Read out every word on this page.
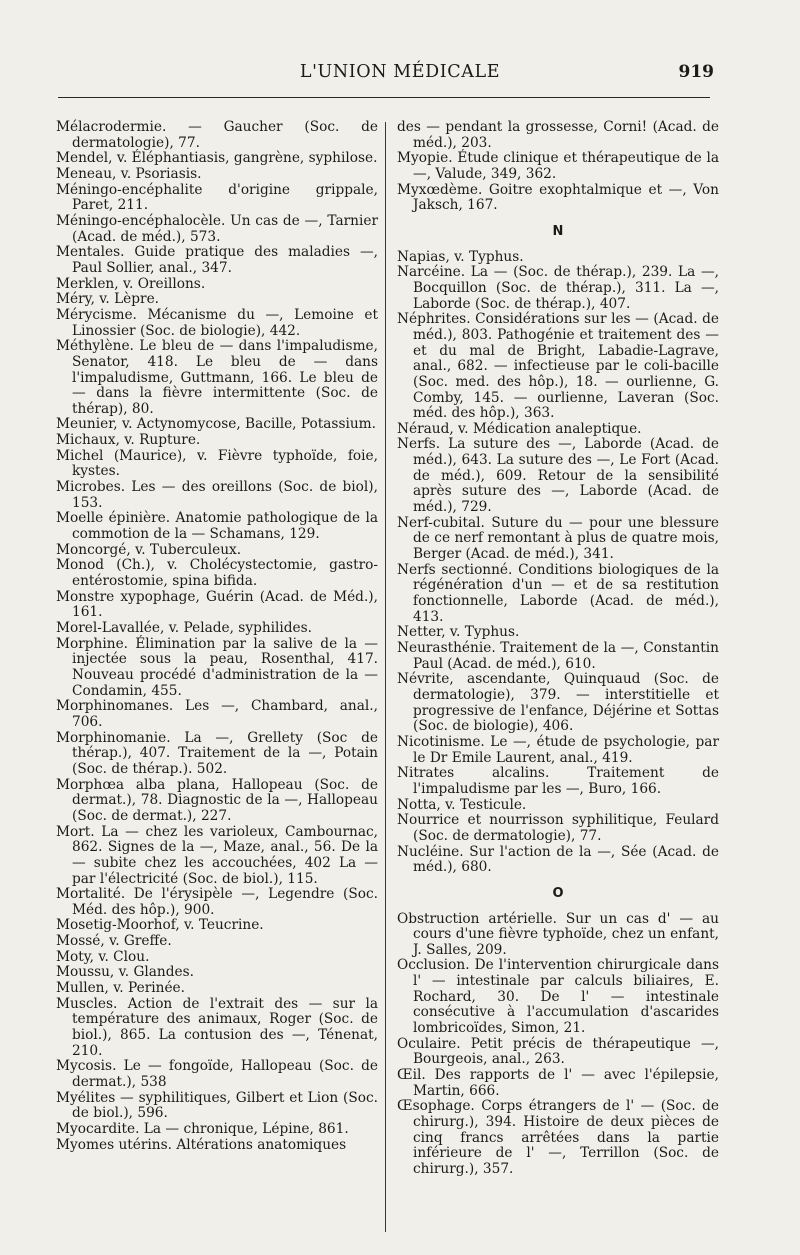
L'UNION MÉDICALE	919

Mélacrodermie. — Gaucher (Soc. de dermatologie), 77.

Mendel, v. Éléphantiasis, gangrène, syphilose.

Meneau, v. Psoriasis.

Méningo-encéphalite d'origine grippale, Paret, 211.

Méningo-encéphalocèle. Un cas de —, Tarnier (Acad. de méd.), 573.

Mentales. Guide pratique des maladies —, Paul Sollier, anal., 347.

Merklen, v. Oreillons.

Méry, v. Lèpre.

Mérycisme. Mécanisme du —, Lemoine et Linossier (Soc. de biologie), 442.

Méthylène. Le bleu de — dans l'impaludisme, Senator, 418. Le bleu de — dans l'impaludisme, Guttmann, 166. Le bleu de — dans la fièvre intermittente (Soc. de thérap), 80.

Meunier, v. Actynomycose, Bacille, Potassium.

Michaux, v. Rupture.

Michel (Maurice), v. Fièvre typhoïde, foie, kystes.

Microbes. Les — des oreillons (Soc. de biol), 153.

Moelle épinière. Anatomie pathologique de la commotion de la — Schamans, 129.

Moncorgé, v. Tuberculeux.

Monod (Ch.), v. Cholécystectomie, gastro-entérostomie, spina bifida.

Monstre xypophage, Guérin (Acad. de Méd.), 161.

Morel-Lavallée, v. Pelade, syphilides.

Morphine. Élimination par la salive de la — injectée sous la peau, Rosenthal, 417. Nouveau procédé d'administration de la — Condamin, 455.

Morphinomanes. Les —, Chambard, anal., 706.

Morphinomanie. La —, Grellety (Soc de thérap.), 407. Traitement de la —, Potain (Soc. de thérap.). 502.

Morphœa alba plana, Hallopeau (Soc. de dermat.), 78. Diagnostic de la —, Hallopeau (Soc. de dermat.), 227.

Mort. La — chez les varioleux, Cambournac, 862. Signes de la —, Maze, anal., 56. De la — subite chez les accouchées, 402 La — par l'électricité (Soc. de biol.), 115.

Mortalité. De l'érysipèle —, Legendre (Soc. Méd. des hôp.), 900.

Mosetig-Moorhof, v. Teucrine.

Mossé, v. Greffe.

Moty, v. Clou.

Moussu, v. Glandes.

Mullen, v. Perinée.

Muscles. Action de l'extrait des — sur la température des animaux, Roger (Soc. de biol.), 865. La contusion des —, Ténenat, 210.

Mycosis. Le — fongoïde, Hallopeau (Soc. de dermat.), 538

Myélites — syphilitiques, Gilbert et Lion (Soc. de biol.), 596.

Myocardite. La — chronique, Lépine, 861.

Myomes utérins. Altérations anatomiques

des — pendant la grossesse, Corni! (Acad. de méd.), 203.

Myopie. Étude clinique et thérapeutique de la —, Valude, 349, 362.

Myxœdème. Goitre exophtalmique et —, Von Jaksch, 167.

N

Napias, v. Typhus.

Narcéine. La — (Soc. de thérap.), 239. La —, Bocquillon (Soc. de thérap.), 311. La —, Laborde (Soc. de thérap.), 407.

Néphrites. Considérations sur les — (Acad. de méd.), 803. Pathogénie et traitement des — et du mal de Bright, Labadie-Lagrave, anal., 682. — infectieuse par le coli-bacille (Soc. med. des hôp.), 18. — ourlienne, G. Comby, 145. — ourlienne, Laveran (Soc. méd. des hôp.), 363.

Néraud, v. Médication analeptique.

Nerfs. La suture des —, Laborde (Acad. de méd.), 643. La suture des —, Le Fort (Acad. de méd.), 609. Retour de la sensibilité après suture des —, Laborde (Acad. de méd.), 729.

Nerf-cubital. Suture du — pour une blessure de ce nerf remontant à plus de quatre mois, Berger (Acad. de méd.), 341.

Nerfs sectionné. Conditions biologiques de la régénération d'un — et de sa restitution fonctionnelle, Laborde (Acad. de méd.), 413.

Netter, v. Typhus.

Neurasthénie. Traitement de la —, Constantin Paul (Acad. de méd.), 610.

Névrite, ascendante, Quinquaud (Soc. de dermatologie), 379. — interstitielle et progressive de l'enfance, Déjérine et Sottas (Soc. de biologie), 406.

Nicotinisme. Le —, étude de psychologie, par le Dr Emile Laurent, anal., 419.

Nitrates alcalins. Traitement de l'impaludisme par les —, Buro, 166.

Notta, v. Testicule.

Nourrice et nourrisson syphilitique, Feulard (Soc. de dermatologie), 77.

Nucléine. Sur l'action de la —, Sée (Acad. de méd.), 680.

O

Obstruction artérielle. Sur un cas d' — au cours d'une fièvre typhoïde, chez un enfant, J. Salles, 209.

Occlusion. De l'intervention chirurgicale dans l' — intestinale par calculs biliaires, E. Rochard, 30. De l' — intestinale consécutive à l'accumulation d'ascarides lombricoïdes, Simon, 21.

Oculaire. Petit précis de thérapeutique —, Bourgeois, anal., 263.

Œil. Des rapports de l' — avec l'épilepsie, Martin, 666.

Œsophage. Corps étrangers de l' — (Soc. de chirurg.), 394. Histoire de deux pièces de cinq francs arrêtées dans la partie inférieure de l' —, Terrillon (Soc. de chirurg.), 357.
